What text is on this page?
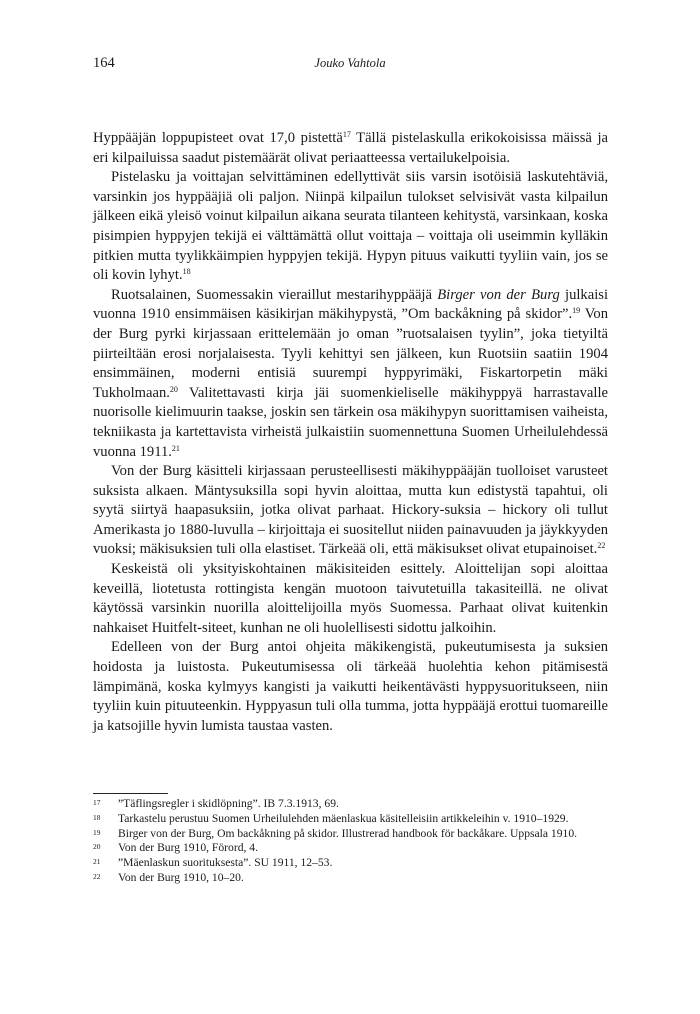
164	Jouko Vahtola

Hyppääjän loppupisteet ovat 17,0 pistettä$^{17}$ Tällä pistelaskulla erikokoisissa mäissä ja eri kilpailuissa saadut pistemäärät olivat periaatteessa vertailukelpoisia.

Pistelasku ja voittajan selvittäminen edellyttivät siis varsin isotöisiä laskutehtäviä, varsinkin jos hyppääjiä oli paljon. Niinpä kilpailun tulokset selvisivät vasta kilpailun jälkeen eikä yleisö voinut kilpailun aikana seurata tilanteen kehitystä, varsinkaan, koska pisimpien hyppyjen tekijä ei välttämättä ollut voittaja – voittaja oli useimmin kylläkin pitkien mutta tyylikkäimpien hyppyjen tekijä. Hypyn pituus vaikutti tyyliin vain, jos se oli kovin lyhyt.$^{18}$

Ruotsalainen, Suomessakin vieraillut mestarihyppääjä Birger von der Burg julkaisi vuonna 1910 ensimmäisen käsikirjan mäkihypystä, ”Om backåkning på skidor”.$^{19}$ Von der Burg pyrki kirjassaan erittelemään jo oman ”ruotsalaisen tyylin”, joka tietyiltä piirteiltään erosi norjalaisesta. Tyyli kehittyi sen jälkeen, kun Ruotsiin saatiin 1904 ensimmäinen, moderni entisiä suurempi hyppyrimäki, Fiskartorpetin mäki Tukholmaan.$^{20}$ Valitettavasti kirja jäi suomenkieliselle mäkihyppyä harrastavalle nuorisolle kielimuurin taakse, joskin sen tärkein osa mäkihypyn suorittamisen vaiheista, tekniikasta ja kartettavista virheistä julkaistiin suomennettuna Suomen Urheilulehdessä vuonna 1911.21

Von der Burg käsitteli kirjassaan perusteellisesti mäkihyppääjän tuolloiset varusteet suksista alkaen. Mäntysuksilla sopi hyvin aloittaa, mutta kun edistystä tapahtui, oli syytä siirtyä haapasuksiin, jotka olivat parhaat. Hickory-suksia – hickory oli tullut Amerikasta jo 1880-luvulla – kirjoittaja ei suositellut niiden painavuuden ja jäykkyyden vuoksi; mäkisuksien tuli olla elastiset. Tärkeää oli, että mäkisukset olivat etupainoiset.$^{22}$

Keskeistä oli yksityiskohtainen mäkisiteiden esittely. Aloittelijan sopi aloittaa keveillä, liotetusta rottingista kengän muotoon taivutetuilla takasiteillä. ne olivat käytössä varsinkin nuorilla aloittelijoilla myös Suomessa. Parhaat olivat kuitenkin nahkaiset Huitfelt-siteet, kunhan ne oli huolellisesti sidottu jalkoihin.

Edelleen von der Burg antoi ohjeita mäkikengistä, pukeutumisesta ja suksien hoidosta ja luistosta. Pukeutumisessa oli tärkeää huolehtia kehon pitämisestä lämpimänä, koska kylmyys kangisti ja vaikutti heikentävästi hyppysuoritukseen, niin tyyliin kuin pituuteenkin. Hyppyasun tuli olla tumma, jotta hyppääjä erottui tuomareille ja katsojille hyvin lumista taustaa vasten.

17 ”Täflingsregler i skidlöpning”. IB 7.3.1913, 69.
18 Tarkastelu perustuu Suomen Urheilulehden mäenlaskua käsitelleisiin artikkeleihin v. 1910–1929.
19 Birger von der Burg, Om backåkning på skidor. Illustrerad handbook för backåkare. Uppsala 1910.
20 Von der Burg 1910, Förord, 4.
21 ”Mäenlaskun suorituksesta”. SU 1911, 12–53.
22 Von der Burg 1910, 10–20.
